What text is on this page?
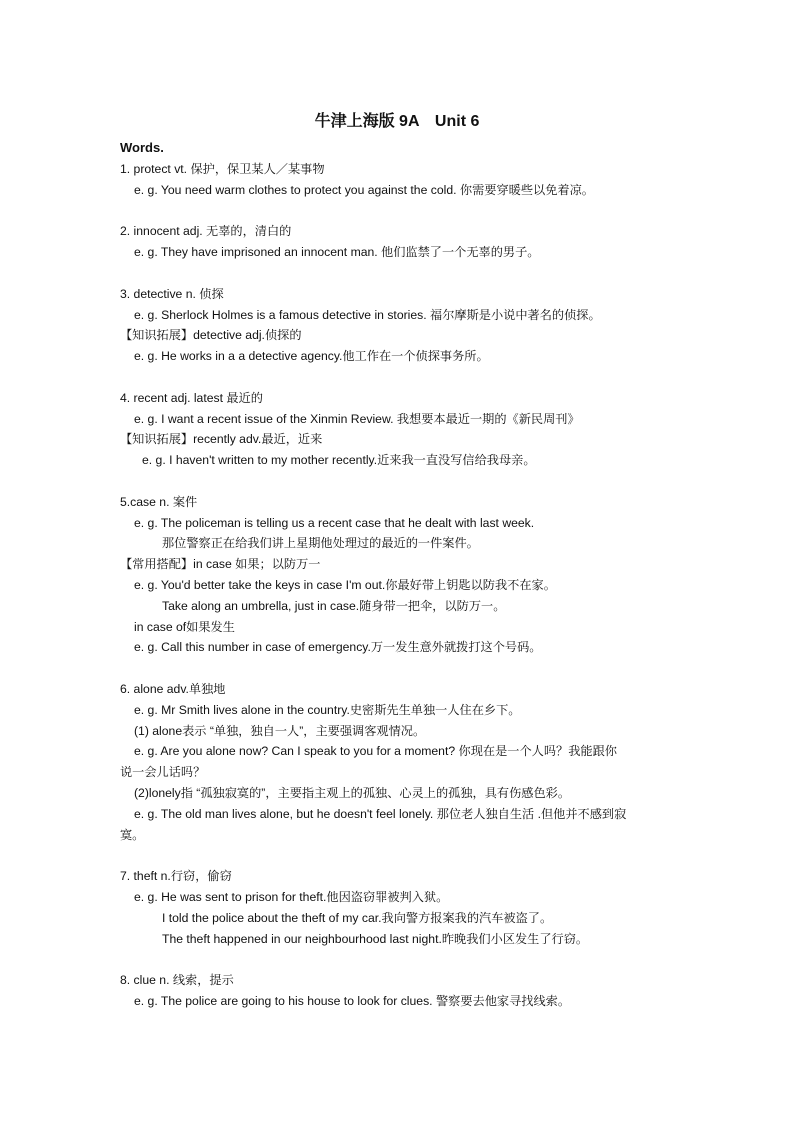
牛津上海版 9A　Unit 6
Words.
1. protect vt. 保护，保卫某人／某事物
e. g. You need warm clothes to protect you against the cold. 你需要穿暖些以免着凉。
2. innocent adj. 无辜的，清白的
e. g. They have imprisoned an innocent man. 他们监禁了一个无辜的男子。
3. detective n. 侦探
e. g. Sherlock Holmes is a famous detective in stories. 福尔摩斯是小说中著名的侦探。
【知识拓展】detective adj.侦探的
e. g. He works in a a detective agency.他工作在一个侦探事务所。
4. recent adj. latest 最近的
e. g. I want a recent issue of the Xinmin Review. 我想要本最近一期的《新民周刊》
【知识拓展】recently adv.最近，近来
e. g. I haven't written to my mother recently.近来我一直没写信给我母亲。
5.case n. 案件
e. g. The policeman is telling us a recent case that he dealt with last week.
那位警察正在给我们讲上星期他处理过的最近的一件案件。
【常用搭配】in case 如果；以防万一
e. g. You'd better take the keys in case I'm out.你最好带上钥匙以防我不在家。
Take along an umbrella, just in case.随身带一把伞，以防万一。
in case of如果发生
e. g. Call this number in case of emergency.万一发生意外就拨打这个号码。
6. alone adv.单独地
e. g. Mr Smith lives alone in the country.史密斯先生单独一人住在乡下。
(1) alone表示 “单独，独自一人”，主要强调客观情况。
e. g. Are you alone now? Can I speak to you for a moment? 你现在是一个人吗？我能跟你
说一会儿话吗？
(2)lonely指 “孤独寂寞的”，主要指主观上的孤独、心灵上的孤独，具有伤感色彩。
e. g. The old man lives alone, but he doesn't feel lonely. 那位老人独自生活 .但他并不感到寂
寞。
7. theft n.行窃，偷窃
e. g. He was sent to prison for theft.他因盗窃罪被判入狱。
I told the police about the theft of my car.我向警方报案我的汽车被盗了。
The theft happened in our neighbourhood last night.昨晚我们小区发生了行窃。
8. clue n. 线索，提示
e. g. The police are going to his house to look for clues. 警察要去他家寻找线索。
